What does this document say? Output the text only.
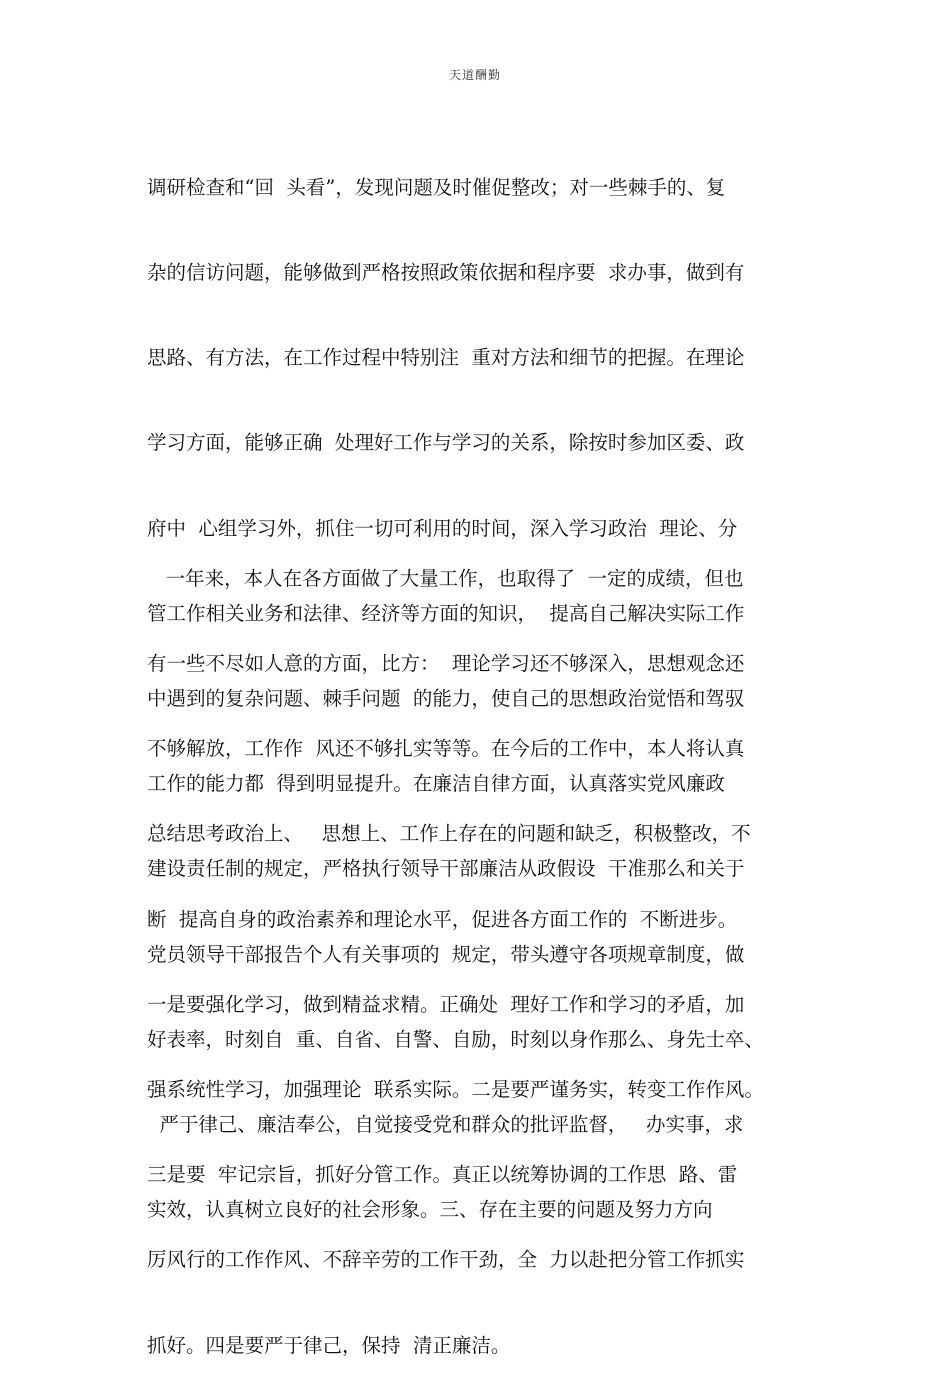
天道酬勤

调研检查和“回  头看”，发现问题及时催促整改；对一些棘手的、复

杂的信访问题，能够做到严格按照政策依据和程序要  求办事，做到有

思路、有方法，在工作过程中特别注  重对方法和细节的把握。在理论

学习方面，能够正确  处理好工作与学习的关系，除按时参加区委、政

府中  心组学习外，抓住一切可利用的时间，深入学习政治  理论、分

管工作相关业务和法律、经济等方面的知识，  提高自己解决实际工作

中遇到的复杂问题、棘手问题  的能力，使自己的思想政治觉悟和驾驭

工作的能力都  得到明显提升。在廉洁自律方面，认真落实党风廉政

建设责任制的规定，严格执行领导干部廉洁从政假设  干准那么和关于

党员领导干部报告个人有关事项的  规定，带头遵守各项规章制度，做

好表率，时刻自  重、自省、自警、自励，时刻以身作那么、身先士卒、

严于律己、廉洁奉公，自觉接受党和群众的批评监督，   办实事，求

实效，认真树立良好的社会形象。三、存在主要的问题及努力方向

一年来，本人在各方面做了大量工作，也取得了  一定的成绩，但也

有一些不尽如人意的方面，比方：  理论学习还不够深入，思想观念还

不够解放，工作作  风还不够扎实等等。在今后的工作中，本人将认真

总结思考政治上、   思想上、工作上存在的问题和缺乏，积极整改，不

断  提高自身的政治素养和理论水平，促进各方面工作的  不断进步。

一是要强化学习，做到精益求精。正确处  理好工作和学习的矛盾，加

强系统性学习，加强理论  联系实际。二是要严谨务实，转变工作作风。

三是要  牢记宗旨，抓好分管工作。真正以统筹协调的工作思  路、雷

厉风行的工作作风、不辞辛劳的工作干劲，全  力以赴把分管工作抓实

抓好。四是要严于律己，保持  清正廉洁。
